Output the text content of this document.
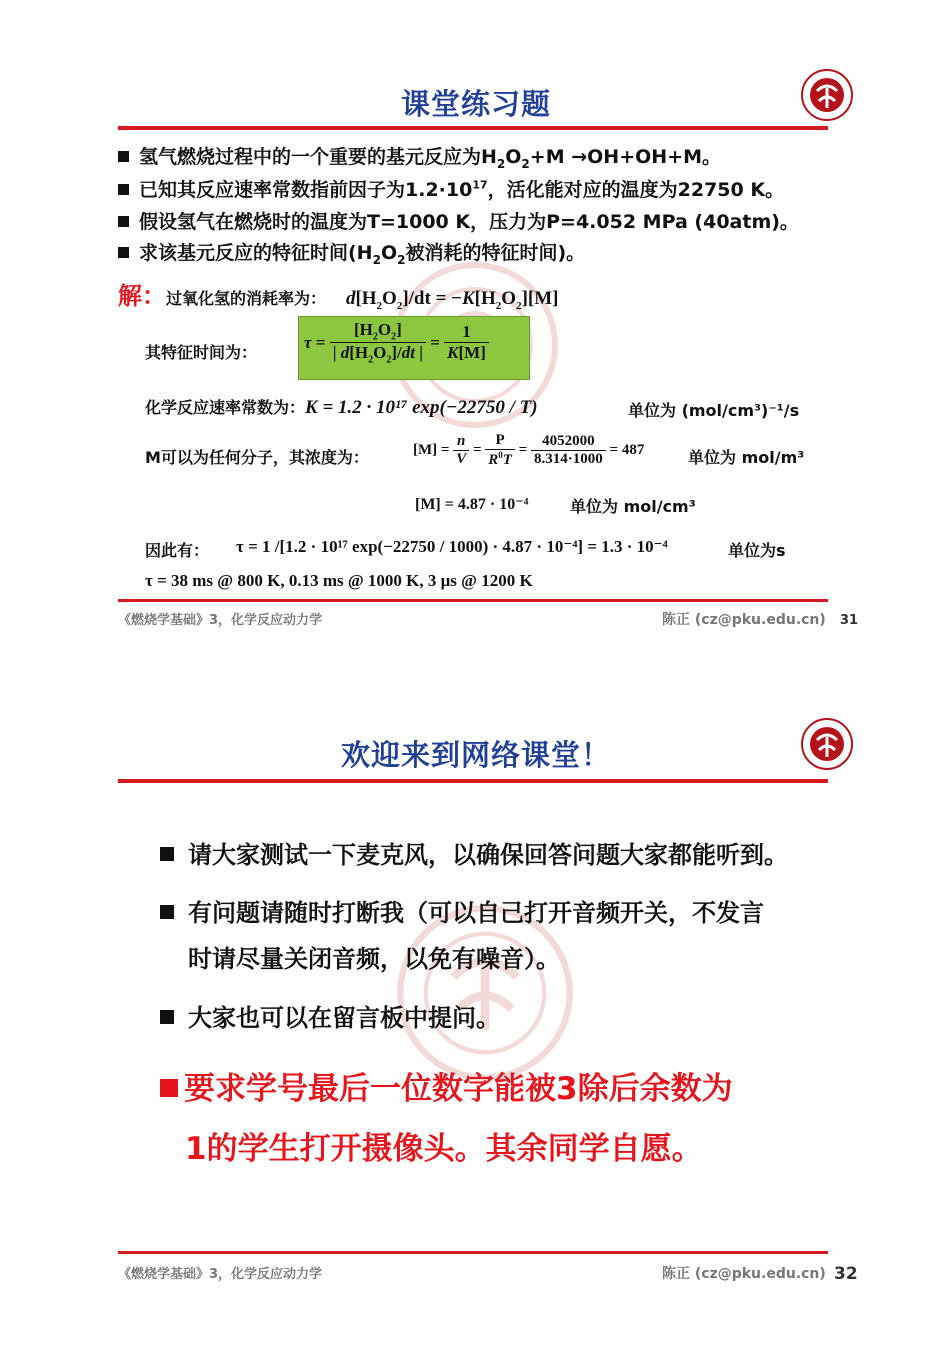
课堂练习题
氢气燃烧过程中的一个重要的基元反应为$H_2O_2+M \to OH+OH+M$。
已知其反应速率常数指前因子为$1.2\cdot 10^{17}$，活化能对应的温度为22750 K。
假设氢气在燃烧时的温度为T=1000 K，压力为P=4.052 MPa (40atm)。
求该基元反应的特征时间($H_2O_2$被消耗的特征时间)。
解：过氧化氢的消耗率为： $d[H_2O_2]/dt = -K[H_2O_2][M]$
其特征时间为：
$\tau = \frac{[H_2O_2]}{| d[H_2O_2]/dt |} = \frac{1}{K[M]}$
化学反应速率常数为：K = 1.2 · 10¹⁷ exp(−22750 / T)	单位为 (mol/cm³)⁻¹/s
M可以为任何分子，其浓度为：	$[M] = \frac{n}{V} = \frac{P}{R^0T} = \frac{4052000}{8.314\cdot 1000} = 487$	单位为 mol/m³
[M] = 4.87 · 10⁻⁴	单位为 mol/cm³
因此有： τ = 1 /[1.2 · 10¹⁷ exp(−22750 / 1000) · 4.87 · 10⁻⁴] = 1.3 · 10⁻⁴	单位为s
τ = 38 ms @ 800 K, 0.13 ms @ 1000 K, 3 μs @ 1200 K
《燃烧学基础》3，化学反应动力学	陈正 (cz@pku.edu.cn) 31
欢迎来到网络课堂！
请大家测试一下麦克风，以确保回答问题大家都能听到。
有问题请随时打断我（可以自己打开音频开关，不发言
时请尽量关闭音频，以免有噪音）。
大家也可以在留言板中提问。
要求学号最后一位数字能被3除后余数为
1的学生打开摄像头。其余同学自愿。
《燃烧学基础》3，化学反应动力学	陈正 (cz@pku.edu.cn) 32
